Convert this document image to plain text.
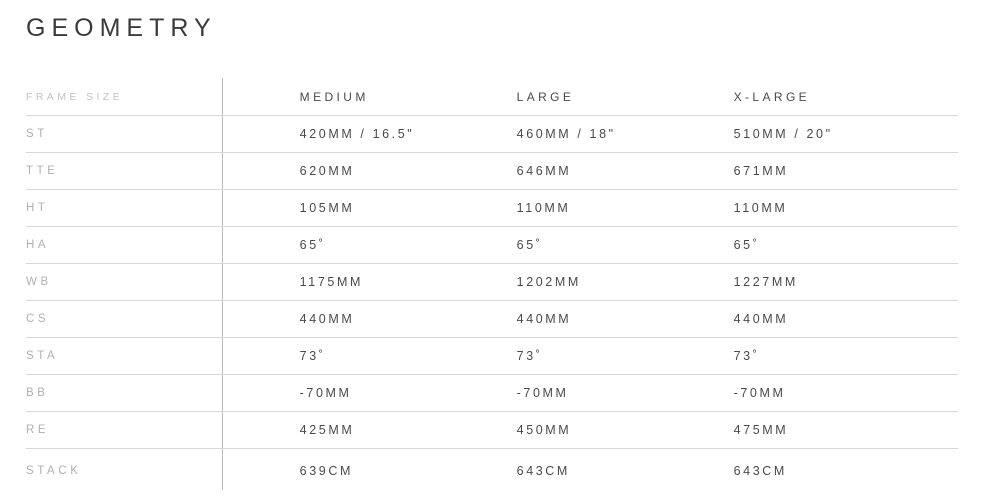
GEOMETRY
FRAME SIZE	MEDIUM	LARGE	X-LARGE
ST	420MM / 16.5"	460MM / 18"	510MM / 20"
TTE	620MM	646MM	671MM
HT	105MM	110MM	110MM
HA	65˚	65˚	65˚
WB	1175MM	1202MM	1227MM
CS	440MM	440MM	440MM
STA	73˚	73˚	73˚
BB	-70MM	-70MM	-70MM
RE	425MM	450MM	475MM
STACK	639CM	643CM	643CM
